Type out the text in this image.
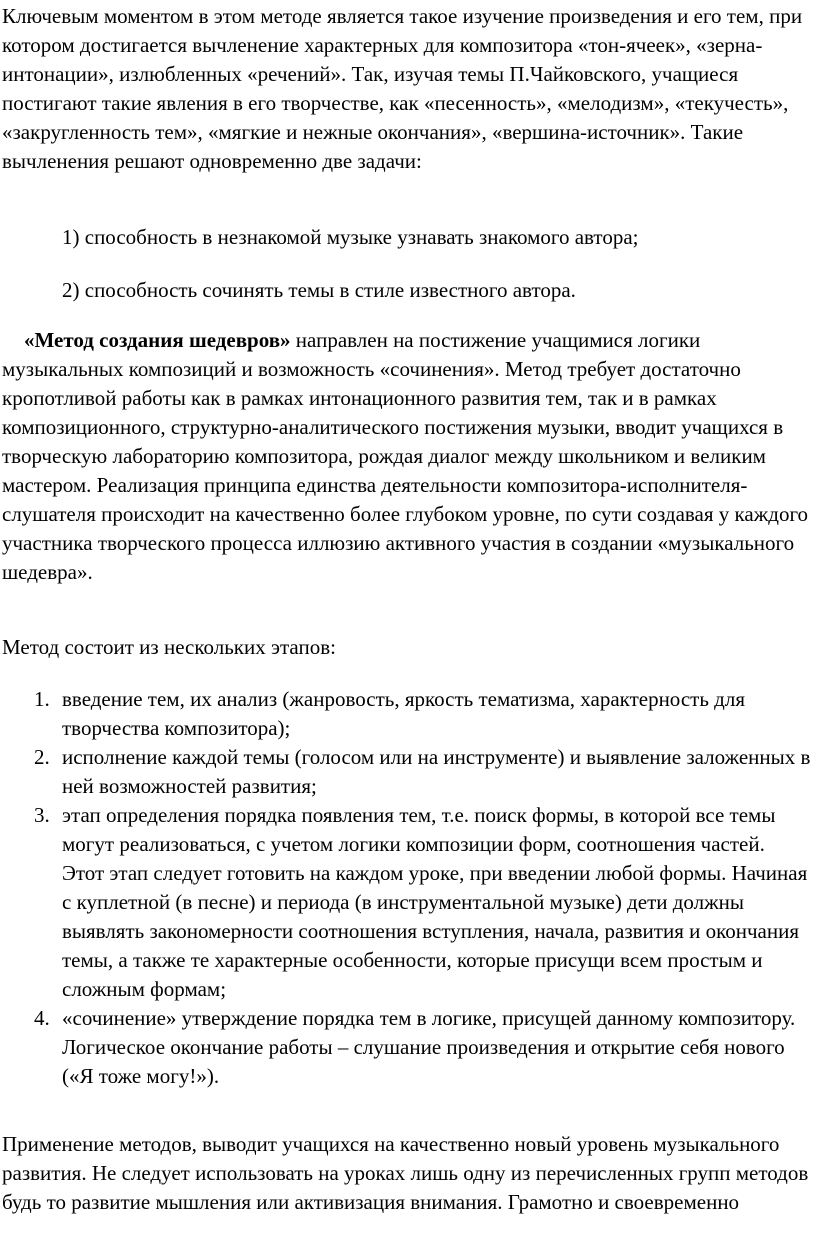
Ключевым моментом в этом методе является такое изучение произведения и его тем, при котором достигается вычленение характерных для композитора «тон-ячеек», «зерна-интонации», излюбленных «речений». Так, изучая темы П.Чайковского, учащиеся постигают такие явления в его творчестве, как «песенность», «мелодизм», «текучесть», «закругленность тем», «мягкие и нежные окончания», «вершина-источник». Такие вычленения решают одновременно две задачи:

1) способность в незнакомой музыке узнавать знакомого автора;

2) способность сочинять темы в стиле известного автора.

«Метод создания шедевров» направлен на постижение учащимися логики музыкальных композиций и возможность «сочинения». Метод требует достаточно кропотливой работы как в рамках интонационного развития тем, так и в рамках композиционного, структурно-аналитического постижения музыки, вводит учащихся в творческую лабораторию композитора, рождая диалог между школьником и великим мастером. Реализация принципа единства деятельности композитора-исполнителя-слушателя происходит на качественно более глубоком уровне, по сути создавая у каждого участника творческого процесса иллюзию активного участия в создании «музыкального шедевра».

Метод состоит из нескольких этапов:

1. введение тем, их анализ (жанровость, яркость тематизма, характерность для творчества композитора);
2. исполнение каждой темы (голосом или на инструменте) и выявление заложенных в ней возможностей развития;
3. этап определения порядка появления тем, т.е. поиск формы, в которой все темы могут реализоваться, с учетом логики композиции форм, соотношения частей. Этот этап следует готовить на каждом уроке, при введении любой формы. Начиная с куплетной (в песне) и периода (в инструментальной музыке) дети должны выявлять закономерности соотношения вступления, начала, развития и окончания темы, а также те характерные особенности, которые присущи всем простым и сложным формам;
4. «сочинение» утверждение порядка тем в логике, присущей данному композитору. Логическое окончание работы – слушание произведения и открытие себя нового («Я тоже могу!»).

Применение методов, выводит учащихся на качественно новый уровень музыкального развития. Не следует использовать на уроках лишь одну из перечисленных групп методов будь то развитие мышления или активизация внимания. Грамотно и своевременно
